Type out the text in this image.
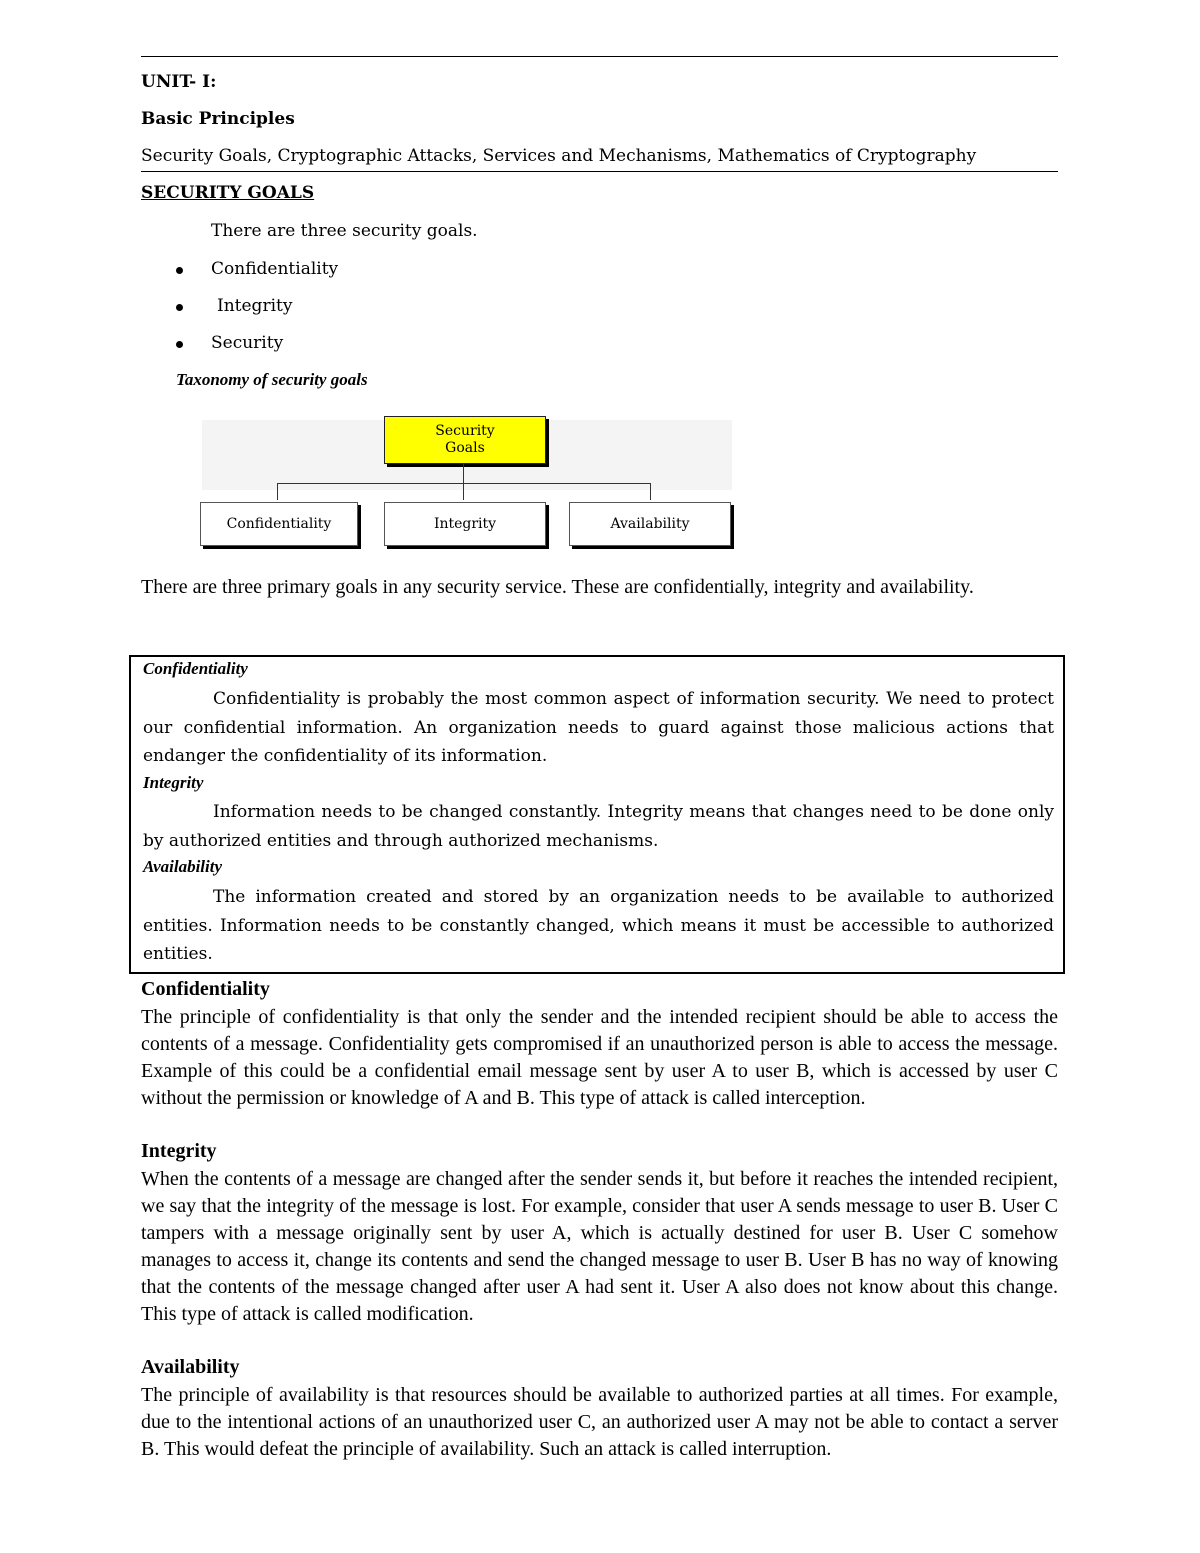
UNIT- I:
Basic Principles
Security Goals, Cryptographic Attacks, Services and Mechanisms, Mathematics of Cryptography
SECURITY GOALS
There are three security goals.
Confidentiality
Integrity
Security
Taxonomy of security goals
Security
Goals
Confidentiality	Integrity	Availability
There are three primary goals in any security service. These are confidentially, integrity and availability.
Confidentiality
Confidentiality is probably the most common aspect of information security. We need to protect our confidential information. An organization needs to guard against those malicious actions that endanger the confidentiality of its information.
Integrity
Information needs to be changed constantly. Integrity means that changes need to be done only by authorized entities and through authorized mechanisms.
Availability
The information created and stored by an organization needs to be available to authorized entities. Information needs to be constantly changed, which means it must be accessible to authorized entities.
Confidentiality
The principle of confidentiality is that only the sender and the intended recipient should be able to access the contents of a message. Confidentiality gets compromised if an unauthorized person is able to access the message. Example of this could be a confidential email message sent by user A to user B, which is accessed by user C without the permission or knowledge of A and B. This type of attack is called interception.
Integrity
When the contents of a message are changed after the sender sends it, but before it reaches the intended recipient, we say that the integrity of the message is lost. For example, consider that user A sends message to user B. User C tampers with a message originally sent by user A, which is actually destined for user B. User C somehow manages to access it, change its contents and send the changed message to user B. User B has no way of knowing that the contents of the message changed after user A had sent it. User A also does not know about this change. This type of attack is called modification.
Availability
The principle of availability is that resources should be available to authorized parties at all times. For example, due to the intentional actions of an unauthorized user C, an authorized user A may not be able to contact a server B. This would defeat the principle of availability. Such an attack is called interruption.
